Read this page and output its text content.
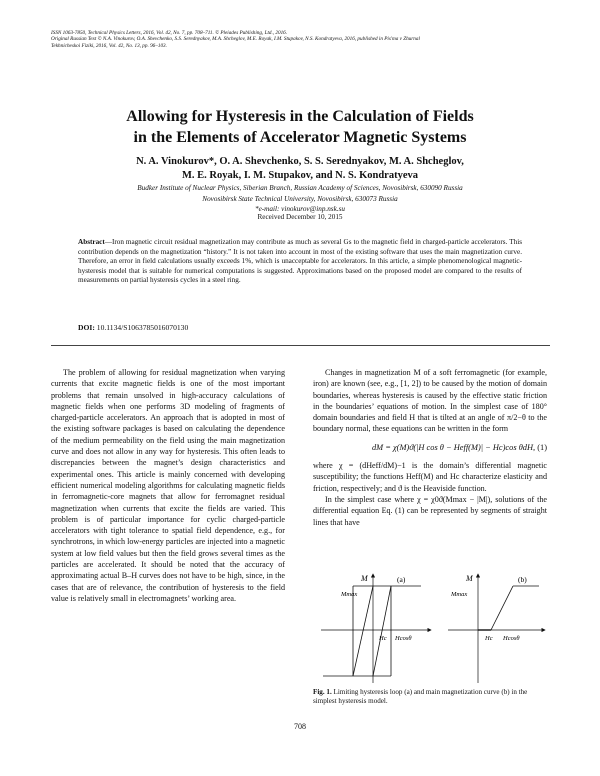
ISSN 1063-7850, Technical Physics Letters, 2016, Vol. 42, No. 7, pp. 708–711. © Pleiades Publishing, Ltd., 2016.
Original Russian Text © N.A. Vinokurov, O.A. Shevchenko, S.S. Serednyakov, M.A. Shcheglov, M.E. Royak, I.M. Stupakov, N.S. Kondratyeva, 2016, published in Pis'ma v Zhurnal
Tekhnicheskoi Fiziki, 2016, Vol. 42, No. 13, pp. 96–103.
Allowing for Hysteresis in the Calculation of Fields
in the Elements of Accelerator Magnetic Systems
N. A. Vinokurov*, O. A. Shevchenko, S. S. Serednyakov, M. A. Shcheglov,
M. E. Royak, I. M. Stupakov, and N. S. Kondratyeva
Budker Institute of Nuclear Physics, Siberian Branch, Russian Academy of Sciences, Novosibirsk, 630090 Russia
Novosibirsk State Technical University, Novosibirsk, 630073 Russia
*e-mail: vinokurov@inp.nsk.su
Received December 10, 2015
Abstract—Iron magnetic circuit residual magnetization may contribute as much as several Gs to the magnetic field in charged-particle accelerators. This contribution depends on the magnetization “history.” It is not taken into account in most of the existing software that uses the main magnetization curve. Therefore, an error in field calculations usually exceeds 1%, which is unacceptable for accelerators. In this article, a simple phenomenological magnetic-hysteresis model that is suitable for numerical computations is suggested. Approximations based on the proposed model are compared to the results of measurements on partial hysteresis cycles in a steel ring.
DOI: 10.1134/S1063785016070130

The problem of allowing for residual magnetization when varying currents that excite magnetic fields is one of the most important problems that remain unsolved in high-accuracy calculations of magnetic fields when one performs 3D modeling of fragments of charged-particle accelerators. An approach that is adopted in most of the existing software packages is based on calculating the dependence of the medium permeability on the field using the main magnetization curve and does not allow in any way for hysteresis. This often leads to discrepancies between the magnet’s design characteristics and experimental ones. This article is mainly concerned with developing efficient numerical modeling algorithms for calculating magnetic fields in ferromagnetic-core magnets that allow for ferromagnet residual magnetization when currents that excite the fields are varied. This problem is of particular importance for cyclic charged-particle accelerators with tight tolerance to spatial field dependence, e.g., for synchrotrons, in which low-energy particles are injected into a magnetic system at low field values but then the field grows several times as the particles are accelerated. It should be noted that the accuracy of approximating actual B–H curves does not have to be high, since, in the cases that are of relevance, the contribution of hysteresis to the field value is relatively small in electromagnets’ working area.

Changes in magnetization M of a soft ferromagnetic (for example, iron) are known (see, e.g., [1, 2]) to be caused by the motion of domain boundaries, whereas hysteresis is caused by the effective static friction in the boundaries’ equations of motion. In the simplest case of 180° domain boundaries and field H that is tilted at an angle of π/2−θ to the boundary normal, these equations can be written in the form

dM = χ(M)ϑ(|H cos θ − Heff(M)| − Hc)cos θdH, (1)

where χ = (dHeff/dM)−1 is the domain’s differential magnetic susceptibility; the functions Heff(M) and Hc characterize elasticity and friction, respectively; and ϑ is the Heaviside function.

In the simplest case where χ = χ0ϑ(Mmax − |M|), solutions of the differential equation Eq. (1) can be represented by segments of straight lines that have

M
Mmax
(a)
Hc Hcosθ
M
Mmax
(b)
Hc Hcosθ
Fig. 1. Limiting hysteresis loop (a) and main magnetization curve (b) in the simplest hysteresis model.
708
